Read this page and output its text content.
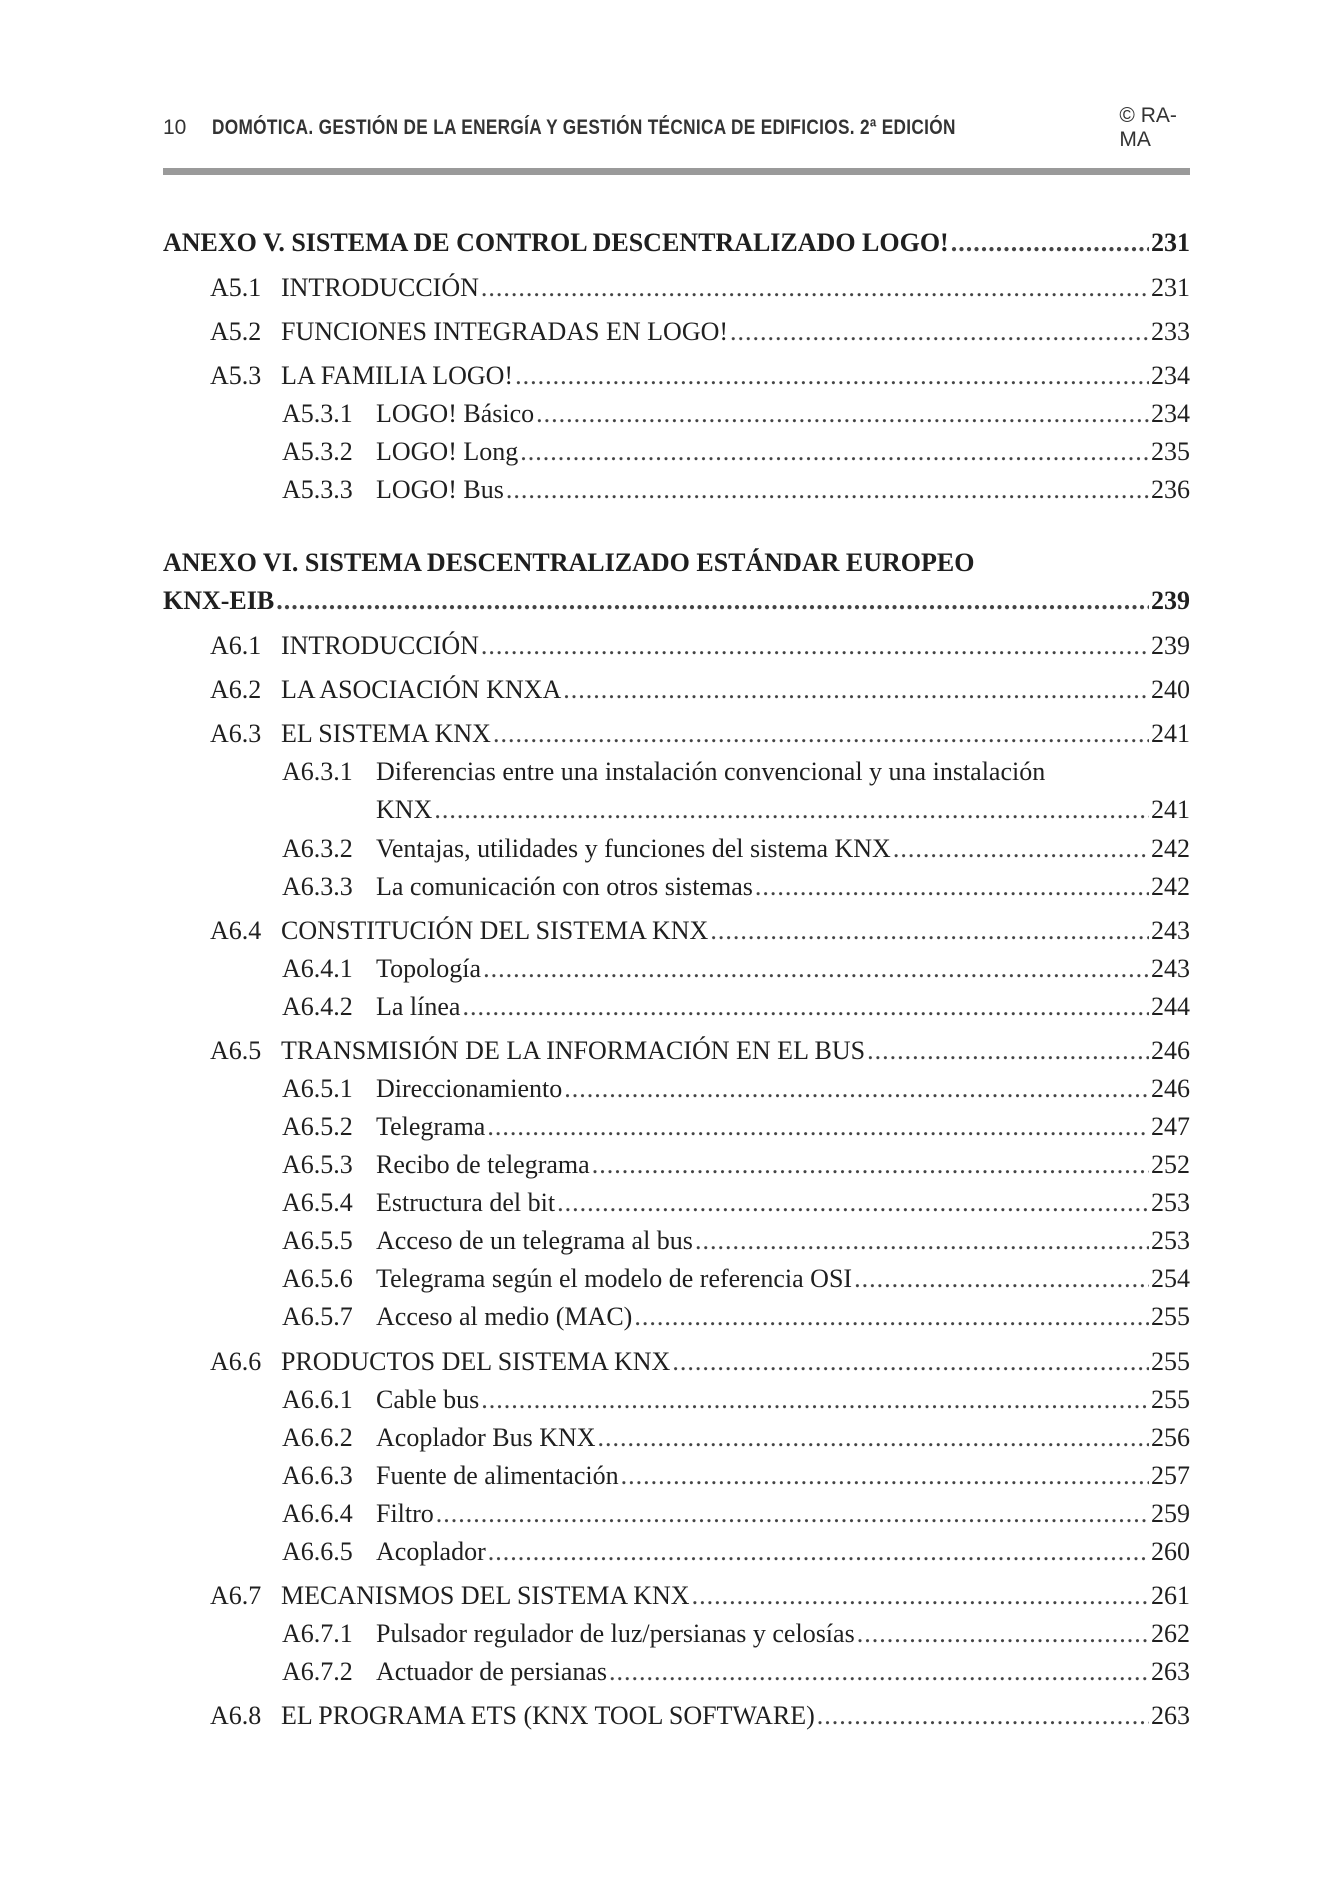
10 DOMÓTICA. GESTIÓN DE LA ENERGÍA Y GESTIÓN TÉCNICA DE EDIFICIOS. 2ª EDICIÓN
© RA-MA
ANEXO V. SISTEMA DE CONTROL DESCENTRALIZADO LOGO! .....	231
A5.1 INTRODUCCIÓN .....	231
A5.2 FUNCIONES INTEGRADAS EN LOGO! .....	233
A5.3 LA FAMILIA LOGO! .....	234
A5.3.1 LOGO! Básico .....	234
A5.3.2 LOGO! Long .....	235
A5.3.3 LOGO! Bus .....	236
ANEXO VI. SISTEMA DESCENTRALIZADO ESTÁNDAR EUROPEO
KNX-EIB .....	239
A6.1 INTRODUCCIÓN .....	239
A6.2 LA ASOCIACIÓN KNXA .....	240
A6.3 EL SISTEMA KNX .....	241
A6.3.1 Diferencias entre una instalación convencional y una instalación
KNX .....	241
A6.3.2 Ventajas, utilidades y funciones del sistema KNX .....	242
A6.3.3 La comunicación con otros sistemas .....	242
A6.4 CONSTITUCIÓN DEL SISTEMA KNX .....	243
A6.4.1 Topología .....	243
A6.4.2 La línea .....	244
A6.5 TRANSMISIÓN DE LA INFORMACIÓN EN EL BUS .....	246
A6.5.1 Direccionamiento .....	246
A6.5.2 Telegrama .....	247
A6.5.3 Recibo de telegrama .....	252
A6.5.4 Estructura del bit .....	253
A6.5.5 Acceso de un telegrama al bus .....	253
A6.5.6 Telegrama según el modelo de referencia OSI .....	254
A6.5.7 Acceso al medio (MAC) .....	255
A6.6 PRODUCTOS DEL SISTEMA KNX .....	255
A6.6.1 Cable bus .....	255
A6.6.2 Acoplador Bus KNX .....	256
A6.6.3 Fuente de alimentación .....	257
A6.6.4 Filtro .....	259
A6.6.5 Acoplador .....	260
A6.7 MECANISMOS DEL SISTEMA KNX .....	261
A6.7.1 Pulsador regulador de luz/persianas y celosías .....	262
A6.7.2 Actuador de persianas .....	263
A6.8 EL PROGRAMA ETS (KNX TOOL SOFTWARE) .....	263
